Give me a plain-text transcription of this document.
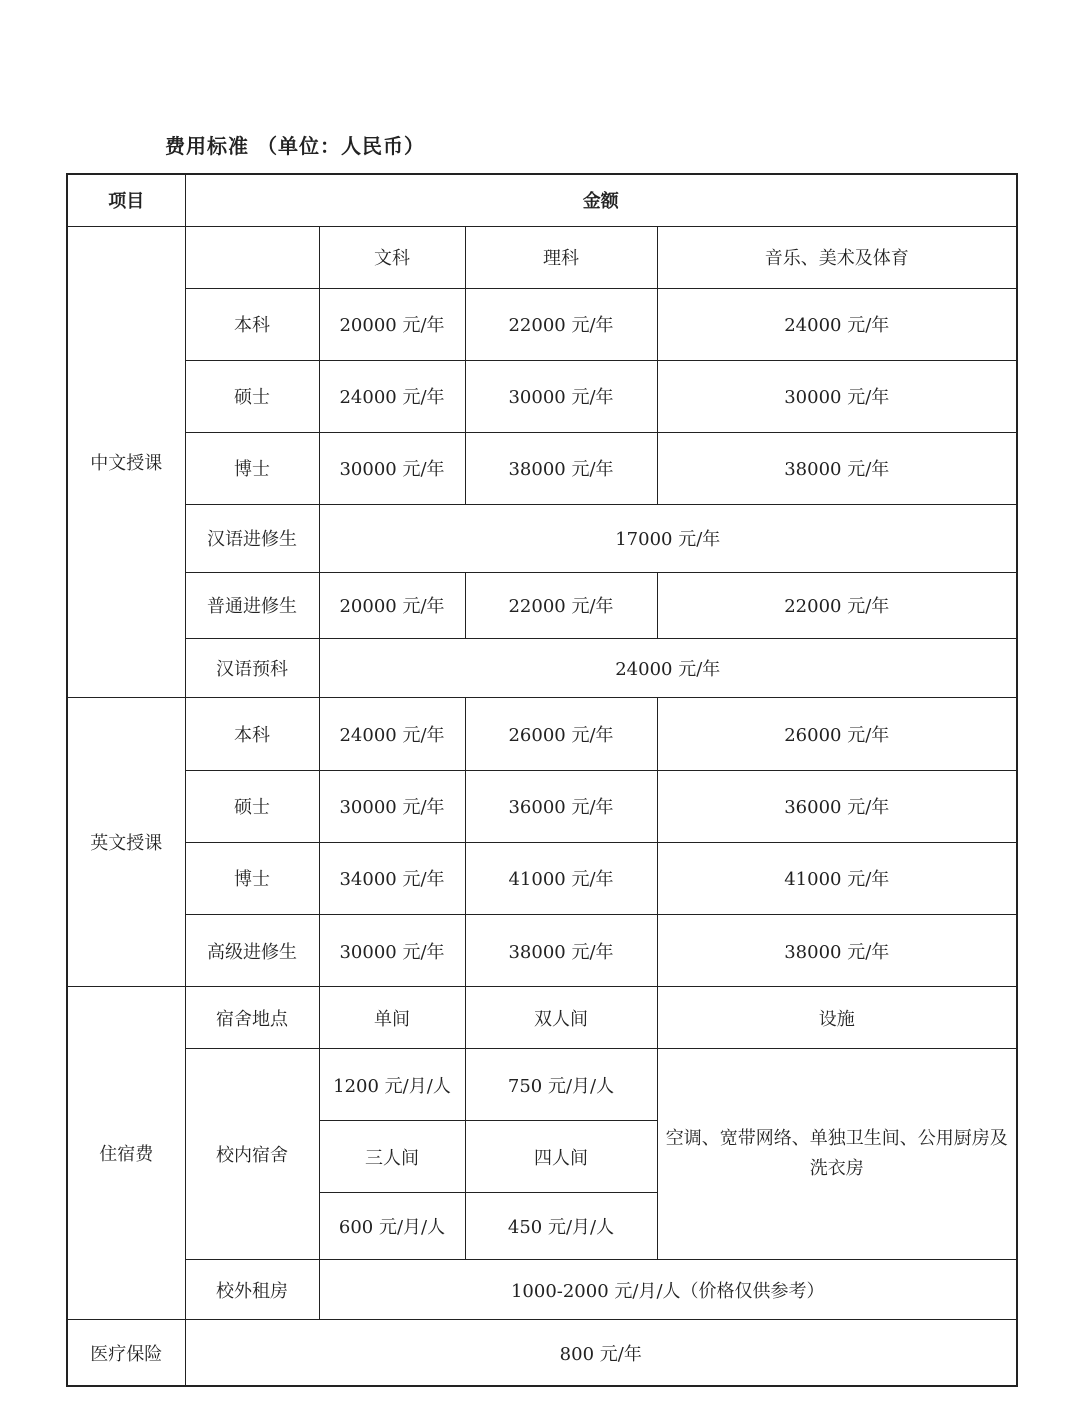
费用标准 （单位：人民币）
项目	金额			
中文授课		文科	理科	音乐、美术及体育
	本科	20000 元/年	22000 元/年	24000 元/年
	硕士	24000 元/年	30000 元/年	30000 元/年
	博士	30000 元/年	38000 元/年	38000 元/年
	汉语进修生	17000 元/年		
	普通进修生	20000 元/年	22000 元/年	22000 元/年
	汉语预科	24000 元/年		
英文授课	本科	24000 元/年	26000 元/年	26000 元/年
	硕士	30000 元/年	36000 元/年	36000 元/年
	博士	34000 元/年	41000 元/年	41000 元/年
	高级进修生	30000 元/年	38000 元/年	38000 元/年
住宿费	宿舍地点	单间	双人间	设施
	校内宿舍	1200 元/月/人	750 元/月/人	空调、宽带网络、单独卫生间、公用厨房及洗衣房
		三人间	四人间	
		600 元/月/人	450 元/月/人	
	校外租房	1000-2000 元/月/人（价格仅供参考）		
医疗保险	800 元/年			
